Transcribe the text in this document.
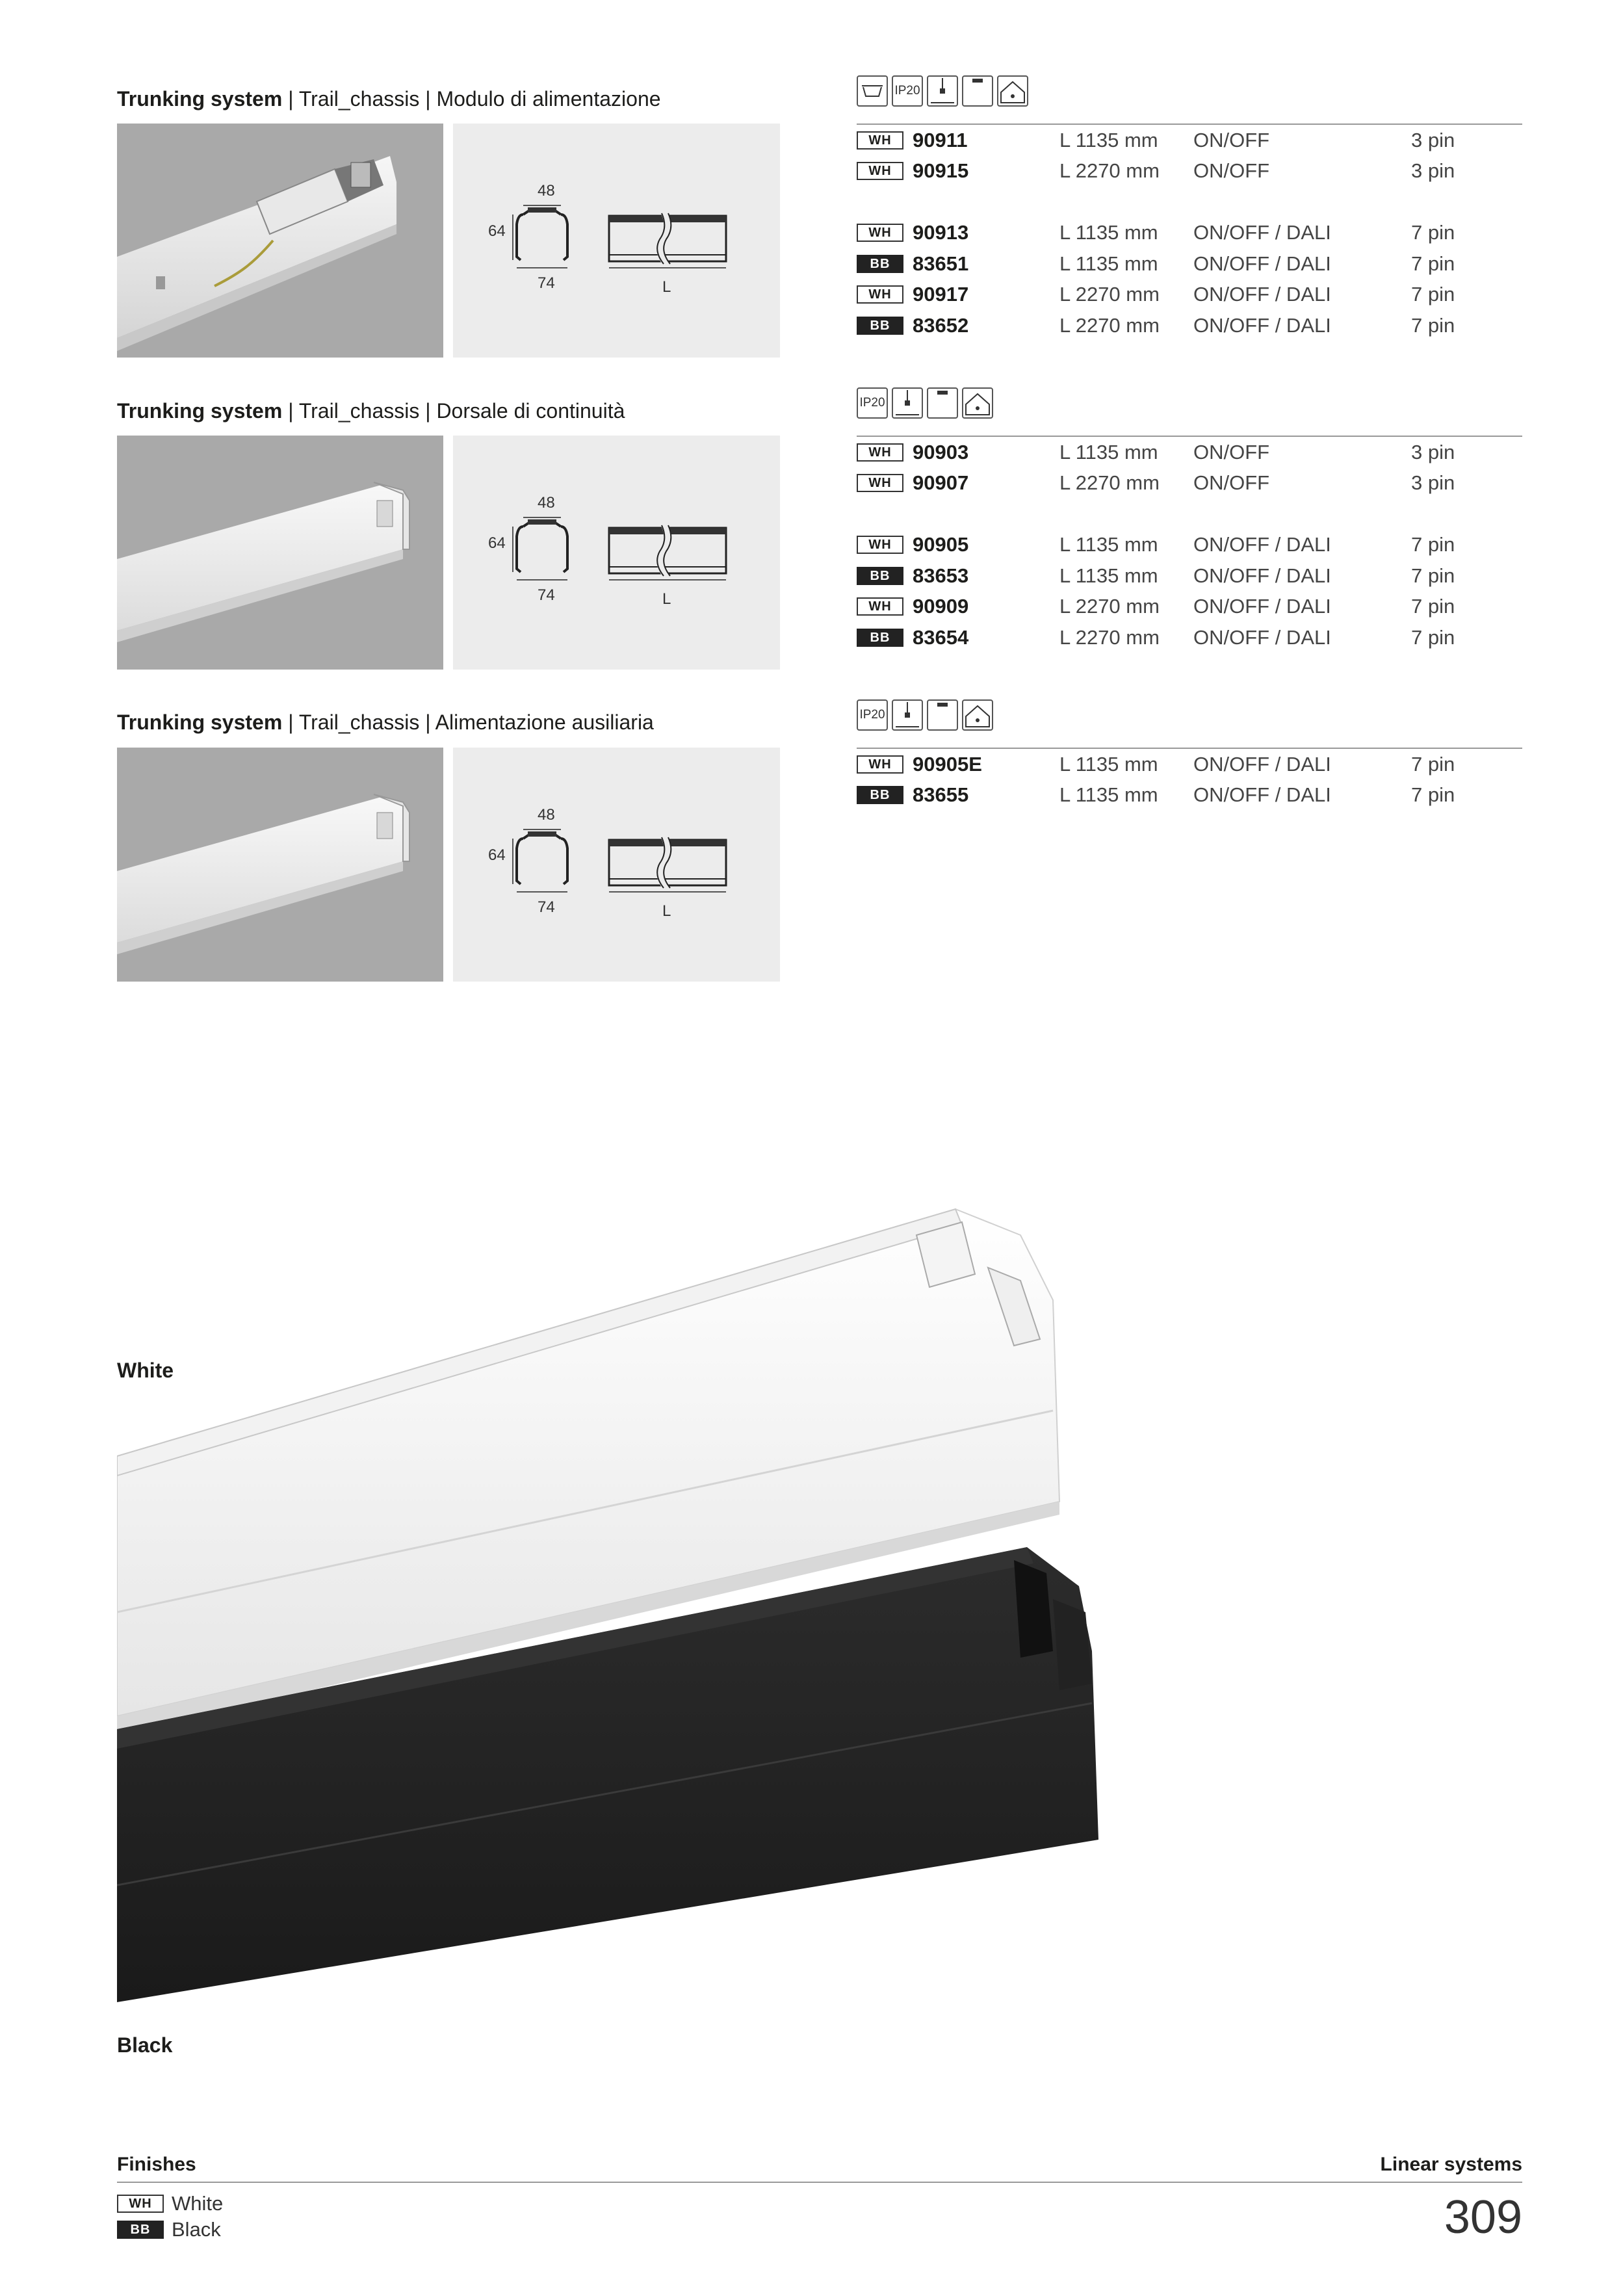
Trunking system | Trail_chassis | Modulo di alimentazione
48
64
74	L
IP20
WH	90911	L 1135 mm ON/OFF	3 pin
WH	90915	L 2270 mm ON/OFF	3 pin
WH	90913	L 1135 mm ON/OFF / DALI	7 pin
BB	83651	L 1135 mm ON/OFF / DALI	7 pin
WH	90917	L 2270 mm ON/OFF / DALI	7 pin
BB	83652	L 2270 mm ON/OFF / DALI	7 pin
Trunking system | Trail_chassis | Dorsale di continuità
48
64
74	L
IP20
WH	90903	L 1135 mm ON/OFF	3 pin
WH	90907	L 2270 mm ON/OFF	3 pin
WH	90905	L 1135 mm ON/OFF / DALI	7 pin
BB	83653	L 1135 mm ON/OFF / DALI	7 pin
WH	90909	L 2270 mm ON/OFF / DALI	7 pin
BB	83654	L 2270 mm ON/OFF / DALI	7 pin
Trunking system | Trail_chassis | Alimentazione ausiliaria
48
64
74	L
IP20
WH	90905E	L 1135 mm ON/OFF / DALI	7 pin
BB	83655	L 1135 mm ON/OFF / DALI	7 pin
White
Black
Finishes	Linear systems
WH White
BB	Black	309
